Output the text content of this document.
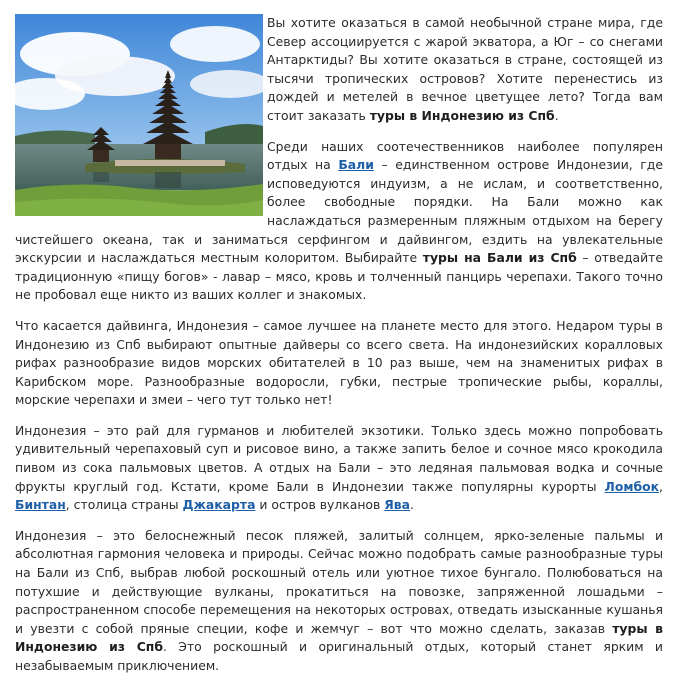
Вы хотите оказаться в самой необычной стране мира, где Север ассоциируется с жарой экватора, а Юг – со снегами Антарктиды? Вы хотите оказаться в стране, состоящей из тысячи тропических островов? Хотите перенестись из дождей и метелей в вечное цветущее лето? Тогда вам стоит заказать туры в Индонезию из Спб.

Среди наших соотечественников наиболее популярен отдых на Бали – единственном острове Индонезии, где исповедуются индуизм, а не ислам, и соответственно, более свободные порядки. На Бали можно как наслаждаться размеренным пляжным отдыхом на берегу чистейшего океана, так и заниматься серфингом и дайвингом, ездить на увлекательные экскурсии и наслаждаться местным колоритом. Выбирайте туры на Бали из Спб – отведайте традиционную «пищу богов» - лавар – мясо, кровь и толченный панцирь черепахи. Такого точно не пробовал еще никто из ваших коллег и знакомых.

Что касается дайвинга, Индонезия – самое лучшее на планете место для этого. Недаром туры в Индонезию из Спб выбирают опытные дайверы со всего света. На индонезийских коралловых рифах разнообразие видов морских обитателей в 10 раз выше, чем на знаменитых рифах в Карибском море. Разнообразные водоросли, губки, пестрые тропические рыбы, кораллы, морские черепахи и змеи – чего тут только нет!

Индонезия – это рай для гурманов и любителей экзотики. Только здесь можно попробовать удивительный черепаховый суп и рисовое вино, а также запить белое и сочное мясо крокодила пивом из сока пальмовых цветов. А отдых на Бали – это ледяная пальмовая водка и сочные фрукты круглый год. Кстати, кроме Бали в Индонезии также популярны курорты Ломбок, Бинтан, столица страны Джакарта и остров вулканов Ява.

Индонезия – это белоснежный песок пляжей, залитый солнцем, ярко-зеленые пальмы и абсолютная гармония человека и природы. Сейчас можно подобрать самые разнообразные туры на Бали из Спб, выбрав любой роскошный отель или уютное тихое бунгало. Полюбоваться на потухшие и действующие вулканы, прокатиться на повозке, запряженной лошадьми – распространенном способе перемещения на некоторых островах, отведать изысканные кушанья и увезти с собой пряные специи, кофе и жемчуг – вот что можно сделать, заказав туры в Индонезию из Спб. Это роскошный и оригинальный отдых, который станет ярким и незабываемым приключением.
